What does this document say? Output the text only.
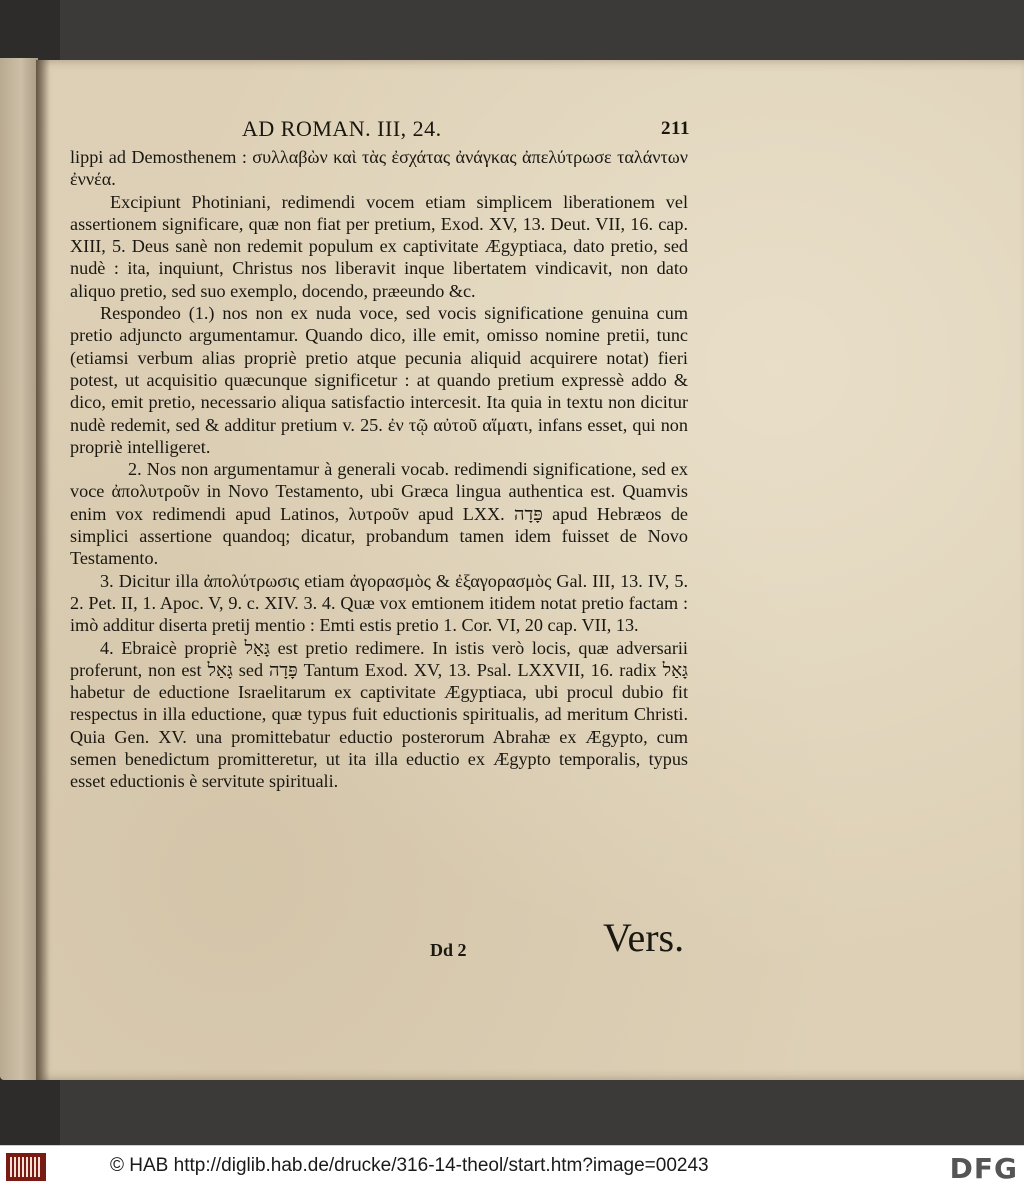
AD ROMAN. III, 24.	211

lippi ad Demosthenem : συλλαβὼν καὶ τὰς ἐσχάτας ἀνάγκας ἀπελύτρωσε ταλάντων ἐννέα.

Excipiunt Photiniani, redimendi vocem etiam simplicem liberationem vel assertionem significare, quæ non fiat per pretium, Exod. XV, 13. Deut. VII, 16. cap. XIII, 5. Deus sanè non redemit populum ex captivitate Ægyptiaca, dato pretio, sed nudè : ita, inquiunt, Christus nos liberavit inque libertatem vindicavit, non dato aliquo pretio, sed suo exemplo, docendo, præeundo &c.

Respondeo (1.) nos non ex nuda voce, sed vocis significatione genuina cum pretio adjuncto argumentamur. Quando dico, ille emit, omisso nomine pretii, tunc (etiamsi verbum alias propriè pretio atque pecunia aliquid acquirere notat) fieri potest, ut acquisitio quæcunque significetur : at quando pretium expressè addo & dico, emit pretio, necessario aliqua satisfactio intercesit. Ita quia in textu non dicitur nudè redemit, sed & additur pretium v. 25. ἐν τῷ αὐτοῦ αἵματι, infans esset, qui non propriè intelligeret.

2. Nos non argumentamur à generali vocab. redimendi significatione, sed ex voce ἀπολυτροῦν in Novo Testamento, ubi Græca lingua authentica est. Quamvis enim vox redimendi apud Latinos, λυτροῦν apud LXX. פָּדָה apud Hebræos de simplici assertione quandoq; dicatur, probandum tamen idem fuisset de Novo Testamento.

3. Dicitur illa ἀπολύτρωσις etiam ἀγορασμὸς & ἐξαγορασμὸς Gal. III, 13. IV, 5. 2. Pet. II, 1. Apoc. V, 9. c. XIV. 3. 4. Quæ vox emtionem itidem notat pretio factam : imò additur diserta pretij mentio : Emti estis pretio 1. Cor. VI, 20 cap. VII, 13.

4. Ebraicè propriè גָּאַל est pretio redimere. In istis verò locis, quæ adversarii proferunt, non est גָּאַל sed פָּדָה Tantum Exod. XV, 13. Psal. LXXVII, 16. radix גָּאַל habetur de eductione Israelitarum ex captivitate Ægyptiaca, ubi procul dubio fit respectus in illa eductione, quæ typus fuit eductionis spiritualis, ad meritum Christi. Quia Gen. XV. una promittebatur eductio posterorum Abrahæ ex Ægypto, cum semen benedictum promitteretur, ut ita illa eductio ex Ægypto temporalis, typus esset eductionis è servitute spirituali.

Vers.
Dd 2
© HAB http://diglib.hab.de/drucke/316-14-theol/start.htm?image=00243	DFG
